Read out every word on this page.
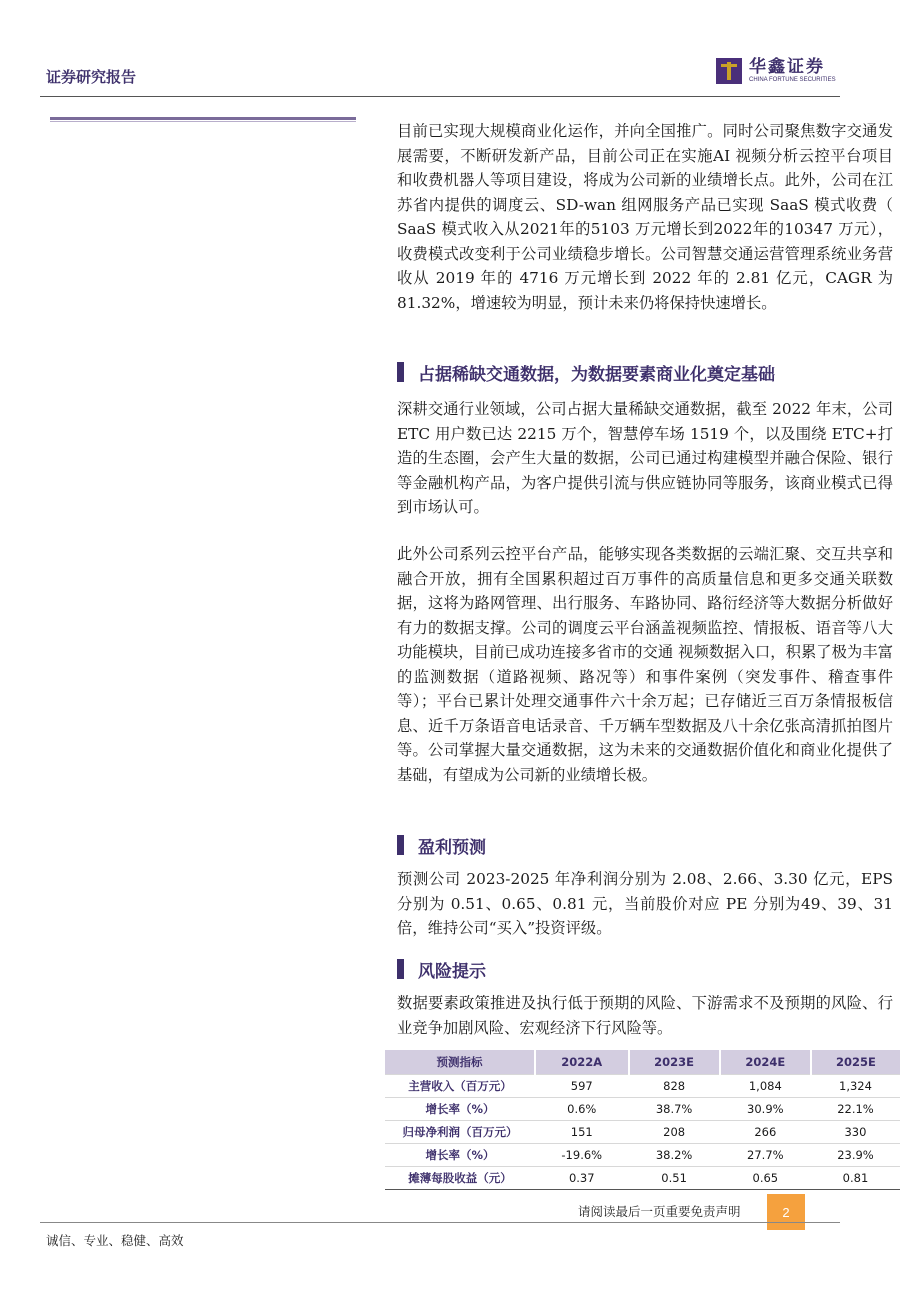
证券研究报告	华鑫证券
CHINA FORTUNE SECURITIES

目前已实现大规模商业化运作，并向全国推广。同时公司聚焦数字交通发展需要，不断研发新产品，目前公司正在实施AI 视频分析云控平台项目和收费机器人等项目建设，将成为公司新的业绩增长点。此外，公司在江苏省内提供的调度云、SD-wan 组网服务产品已实现 SaaS 模式收费（ SaaS 模式收入从2021年的5103 万元增长到2022年的10347 万元），收费模式改变利于公司业绩稳步增长。公司智慧交通运营管理系统业务营收从 2019 年的 4716 万元增长到 2022 年的 2.81 亿元，CAGR 为 81.32%，增速较为明显，预计未来仍将保持快速增长。

占据稀缺交通数据，为数据要素商业化奠定基础

深耕交通行业领域，公司占据大量稀缺交通数据，截至 2022 年末，公司 ETC 用户数已达 2215 万个，智慧停车场 1519 个，以及围绕 ETC+打造的生态圈，会产生大量的数据，公司已通过构建模型并融合保险、银行等金融机构产品，为客户提供引流与供应链协同等服务，该商业模式已得到市场认可。

此外公司系列云控平台产品，能够实现各类数据的云端汇聚、交互共享和融合开放，拥有全国累积超过百万事件的高质量信息和更多交通关联数据，这将为路网管理、出行服务、车路协同、路衍经济等大数据分析做好有力的数据支撑。公司的调度云平台涵盖视频监控、情报板、语音等八大功能模块，目前已成功连接多省市的交通 视频数据入口，积累了极为丰富的监测数据（道路视频、路况等）和事件案例（突发事件、稽查事件等）；平台已累计处理交通事件六十余万起；已存储近三百万条情报板信息、近千万条语音电话录音、千万辆车型数据及八十余亿张高清抓拍图片等。公司掌握大量交通数据，这为未来的交通数据价值化和商业化提供了基础，有望成为公司新的业绩增长极。

盈利预测

预测公司 2023-2025 年净利润分别为 2.08、2.66、3.30 亿元，EPS 分别为 0.51、0.65、0.81 元，当前股价对应 PE 分别为49、39、31倍，维持公司“买入”投资评级。

风险提示

数据要素政策推进及执行低于预期的风险、下游需求不及预期的风险、行业竞争加剧风险、宏观经济下行风险等。

预测指标	2022A	2023E	2024E	2025E
主营收入（百万元）	597	828	1,084	1,324
增长率（%）	0.6%	38.7%	30.9%	22.1%
归母净利润（百万元）	151	208	266	330
增长率（%）	-19.6%	38.2%	27.7%	23.9%
摊薄每股收益（元）	0.37	0.51	0.65	0.81
请阅读最后一页重要免责声明	2
诚信、专业、稳健、高效
